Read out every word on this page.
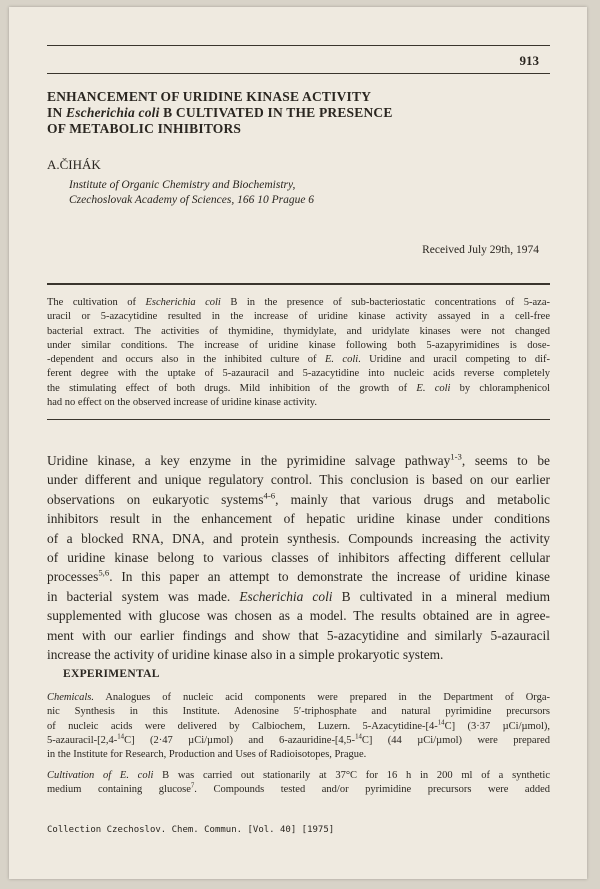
913
ENHANCEMENT OF URIDINE KINASE ACTIVITY
IN Escherichia coli B CULTIVATED IN THE PRESENCE
OF METABOLIC INHIBITORS
A.ČIHÁK
Institute of Organic Chemistry and Biochemistry,
Czechoslovak Academy of Sciences, 166 10 Prague 6
Received July 29th, 1974
The cultivation of Escherichia coli B in the presence of sub-bacteriostatic concentrations of 5-aza-
uracil or 5-azacytidine resulted in the increase of uridine kinase activity assayed in a cell-free
bacterial extract. The activities of thymidine, thymidylate, and uridylate kinases were not changed
under similar conditions. The increase of uridine kinase following both 5-azapyrimidines is dose-
-dependent and occurs also in the inhibited culture of E. coli. Uridine and uracil competing to dif-
ferent degree with the uptake of 5-azauracil and 5-azacytidine into nucleic acids reverse completely
the stimulating effect of both drugs. Mild inhibition of the growth of E. coli by chloramphenicol
had no effect on the observed increase of uridine kinase activity.
Uridine kinase, a key enzyme in the pyrimidine salvage pathway$^{1-3}$, seems to be
under different and unique regulatory control. This conclusion is based on our earlier
observations on eukaryotic systems$^{4-6}$, mainly that various drugs and metabolic
inhibitors result in the enhancement of hepatic uridine kinase under conditions
of a blocked RNA, DNA, and protein synthesis. Compounds increasing the activity
of uridine kinase belong to various classes of inhibitors affecting different cellular
processes$^{5,6}$. In this paper an attempt to demonstrate the increase of uridine kinase
in bacterial system was made. Escherichia coli B cultivated in a mineral medium
supplemented with glucose was chosen as a model. The results obtained are in agree-
ment with our earlier findings and show that 5-azacytidine and similarly 5-azauracil
increase the activity of uridine kinase also in a simple prokaryotic system.
EXPERIMENTAL
Chemicals. Analogues of nucleic acid components were prepared in the Department of Orga-
nic Synthesis in this Institute. Adenosine 5′-triphosphate and natural pyrimidine precursors
of nucleic acids were delivered by Calbiochem, Luzern. 5-Azacytidine-[4-$^{14}$C] (3·37 µCi/µmol),
5-azauracil-[2,4-$^{14}$C] (2·47 µCi/µmol) and 6-azauridine-[4,5-$^{14}$C] (44 µCi/µmol) were prepared
in the Institute for Research, Production and Uses of Radioisotopes, Prague.
Cultivation of E. coli B was carried out stationarily at 37°C for 16 h in 200 ml of a synthetic
medium containing glucose$^7$. Compounds tested and/or pyrimidine precursors were added
Collection Czechoslov. Chem. Commun. [Vol. 40] [1975]
